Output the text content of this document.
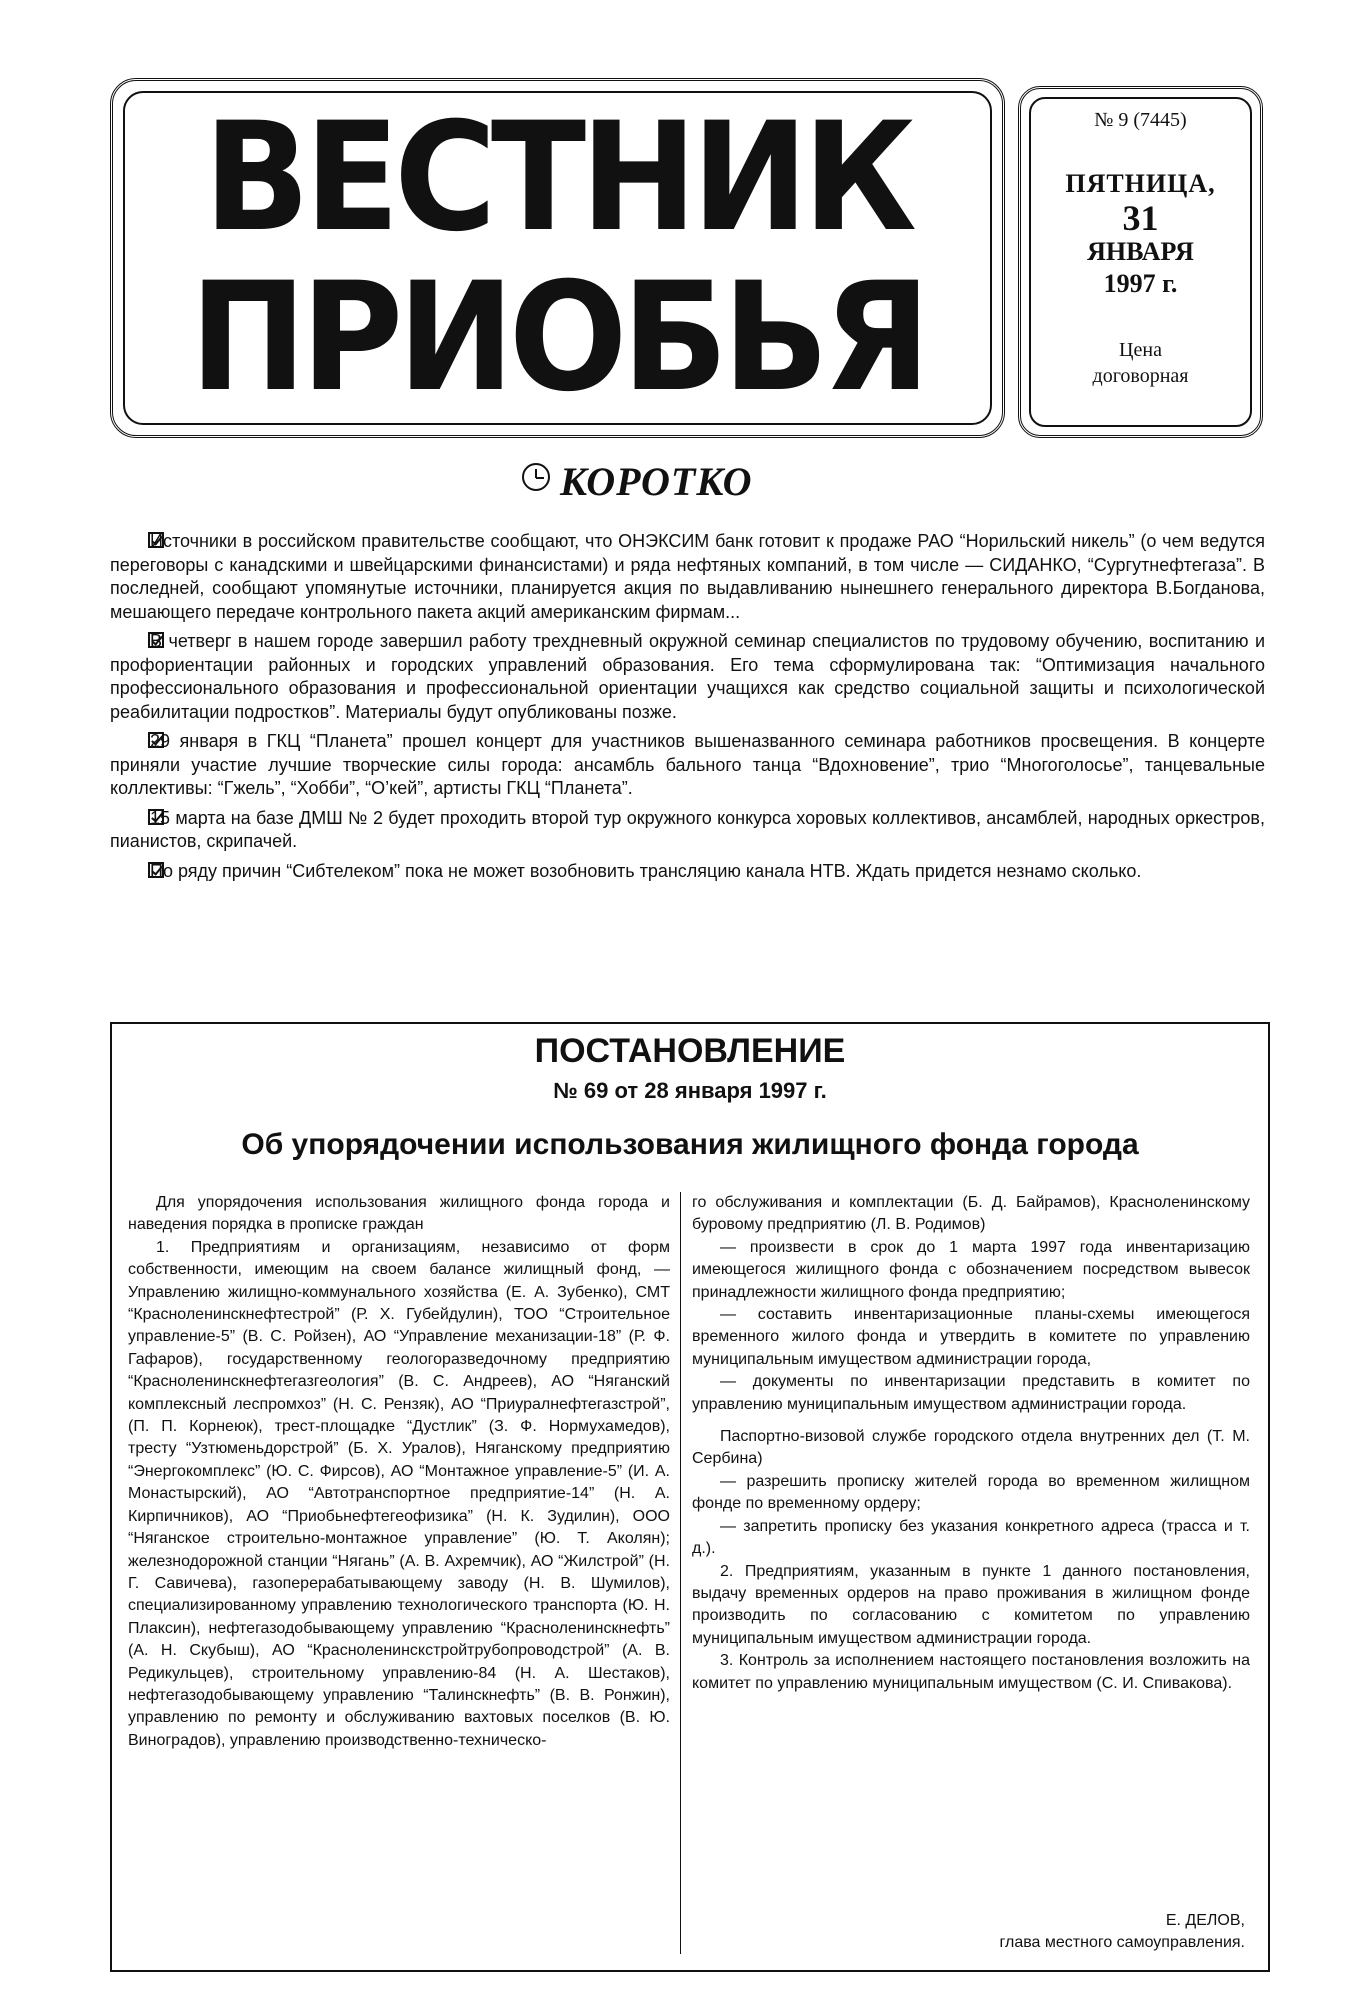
ВЕСТНИК
ПРИОБЬЯ
№ 9 (7445)
ПЯТНИЦА,
31
ЯНВАРЯ
1997 г.
Цена
договорная
КОРОТКО

Источники в российском правительстве сообщают, что ОНЭКСИМ банк готовит к продаже РАО “Норильский никель” (о чем ведутся переговоры с канадскими и швейцарскими финансистами) и ряда нефтяных компаний, в том числе — СИДАНКО, “Сургутнефтегаза”. В последней, сообщают упомянутые источники, планируется акция по выдавливанию нынешнего генерального директора В.Богданова, мешающего передаче контрольного пакета акций американским фирмам...

В четверг в нашем городе завершил работу трехдневный окружной семинар специалистов по трудовому обучению, воспитанию и профориентации районных и городских управлений образования. Его тема сформулирована так: “Оптимизация начального профессионального образования и профессиональной ориентации учащихся как средство социальной защиты и психологической реабилитации подростков”. Материалы будут опубликованы позже.

29 января в ГКЦ “Планета” прошел концерт для участников вышеназванного семинара работников просвещения. В концерте приняли участие лучшие творческие силы города: ансамбль бального танца “Вдохновение”, трио “Многоголосье”, танцевальные коллективы: “Гжель”, “Хобби”, “О’кей”, артисты ГКЦ “Планета”.

15 марта на базе ДМШ № 2 будет проходить второй тур окружного конкурса хоровых коллективов, ансамблей, народных оркестров, пианистов, скрипачей.

По ряду причин “Сибтелеком” пока не может возобновить трансляцию канала НТВ. Ждать придется незнамо сколько.

ПОСТАНОВЛЕНИЕ
№ 69 от 28 января 1997 г.
Об упорядочении использования жилищного фонда города

Для упорядочения использования жилищного фонда города и наведения порядка в прописке граждан

1. Предприятиям и организациям, независимо от форм собственности, имеющим на своем балансе жилищный фонд, — Управлению жилищно-коммунального хозяйства (Е. А. Зубенко), СМТ “Красноленинскнефтестрой” (Р. Х. Губейдулин), ТОО “Строительное управление-5” (В. С. Ройзен), АО “Управление механизации-18” (Р. Ф. Гафаров), государственному геологоразведочному предприятию “Красноленинскнефтегазгеология” (В. С. Андреев), АО “Няганский комплексный леспромхоз” (Н. С. Рензяк), АО “Приуралнефтегазстрой”, (П. П. Корнеюк), трест-площадке “Дустлик” (З. Ф. Нормухамедов), тресту “Узтюменьдорстрой” (Б. Х. Уралов), Няганскому предприятию “Энергокомплекс” (Ю. С. Фирсов), АО “Монтажное управление-5” (И. А. Монастырский), АО “Автотранспортное предприятие-14” (Н. А. Кирпичников), АО “Приобьнефтегеофизика” (Н. К. Зудилин), ООО “Няганское строительно-монтажное управление” (Ю. Т. Аколян); железнодорожной станции “Нягань” (А. В. Ахремчик), АО “Жилстрой” (Н. Г. Савичева), газоперерабатывающему заводу (Н. В. Шумилов), специализированному управлению технологического транспорта (Ю. Н. Плаксин), нефтегазодобывающему управлению “Красноленинскнефть” (А. Н. Скубыш), АО “Красноленинскстройтрубопроводстрой” (А. В. Редикульцев), строительному управлению-84 (Н. А. Шестаков), нефтегазодобывающему управлению “Талинскнефть” (В. В. Ронжин), управлению по ремонту и обслуживанию вахтовых поселков (В. Ю. Виноградов), управлению производственно-техническо-

го обслуживания и комплектации (Б. Д. Байрамов), Красноленинскому буровому предприятию (Л. В. Родимов)

— произвести в срок до 1 марта 1997 года инвентаризацию имеющегося жилищного фонда с обозначением посредством вывесок принадлежности жилищного фонда предприятию;

— составить инвентаризационные планы-схемы имеющегося временного жилого фонда и утвердить в комитете по управлению муниципальным имуществом администрации города,

— документы по инвентаризации представить в комитет по управлению муниципальным имуществом администрации города.

Паспортно-визовой службе городского отдела внутренних дел (Т. М. Сербина)

— разрешить прописку жителей города во временном жилищном фонде по временному ордеру;

— запретить прописку без указания конкретного адреса (трасса и т. д.).

2. Предприятиям, указанным в пункте 1 данного постановления, выдачу временных ордеров на право проживания в жилищном фонде производить по согласованию с комитетом по управлению муниципальным имуществом администрации города.

3. Контроль за исполнением настоящего постановления возложить на комитет по управлению муниципальным имуществом (С. И. Спивакова).

Е. ДЕЛОВ,
глава местного самоуправления.
